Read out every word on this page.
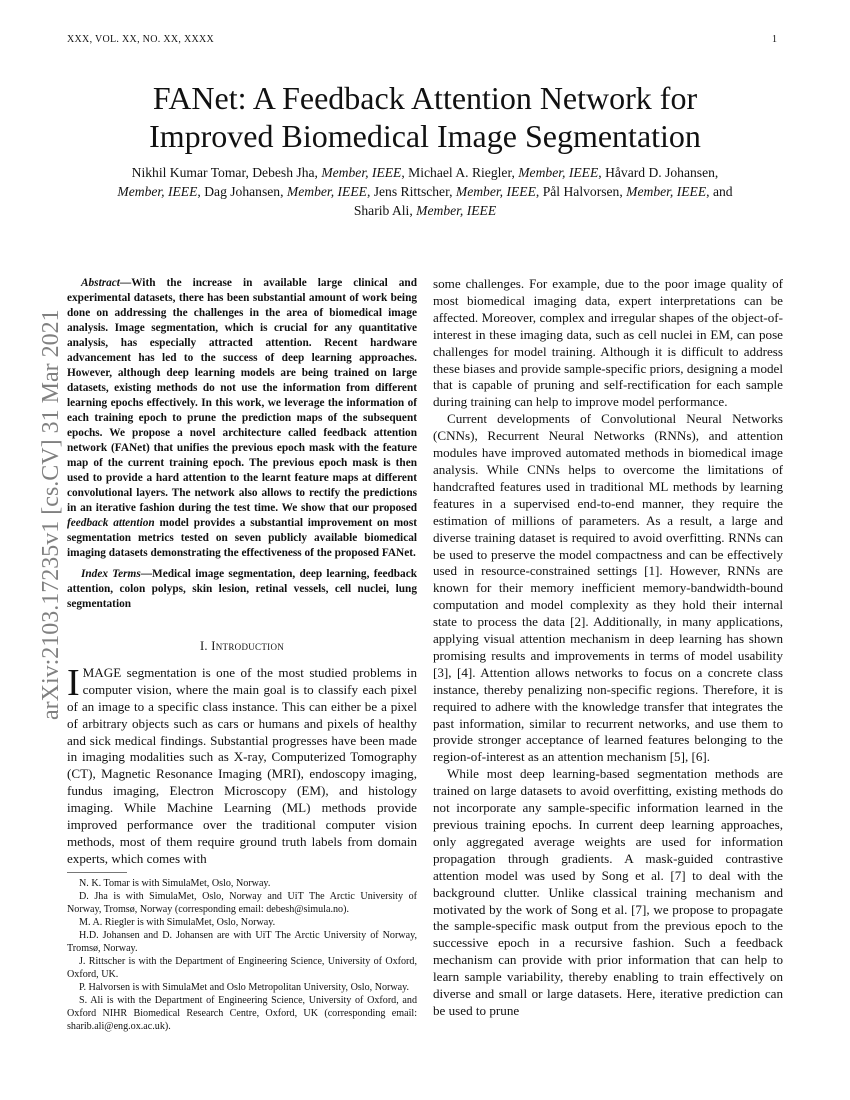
XXX, VOL. XX, NO. XX, XXXX	1
arXiv:2103.17235v1 [cs.CV] 31 Mar 2021
FANet: A Feedback Attention Network for
Improved Biomedical Image Segmentation
Nikhil Kumar Tomar, Debesh Jha, Member, IEEE, Michael A. Riegler, Member, IEEE, Håvard D. Johansen,
Member, IEEE, Dag Johansen, Member, IEEE, Jens Rittscher, Member, IEEE, Pål Halvorsen, Member, IEEE, and
Sharib Ali, Member, IEEE

Abstract—With the increase in available large clinical and experimental datasets, there has been substantial amount of work being done on addressing the challenges in the area of biomedical image analysis. Image segmentation, which is crucial for any quantitative analysis, has especially attracted attention. Recent hardware advancement has led to the success of deep learning approaches. However, although deep learning models are being trained on large datasets, existing methods do not use the information from different learning epochs effectively. In this work, we leverage the information of each training epoch to prune the prediction maps of the subsequent epochs. We propose a novel architecture called feedback attention network (FANet) that unifies the previous epoch mask with the feature map of the current training epoch. The previous epoch mask is then used to provide a hard attention to the learnt feature maps at different convolutional layers. The network also allows to rectify the predictions in an iterative fashion during the test time. We show that our proposed feedback attention model provides a substantial improvement on most segmentation metrics tested on seven publicly available biomedical imaging datasets demonstrating the effectiveness of the proposed FANet.

Index Terms—Medical image segmentation, deep learning, feedback attention, colon polyps, skin lesion, retinal vessels, cell nuclei, lung segmentation

I. Introduction

IMAGE segmentation is one of the most studied problems in computer vision, where the main goal is to classify each pixel of an image to a specific class instance. This can either be a pixel of arbitrary objects such as cars or humans and pixels of healthy and sick medical findings. Substantial progresses have been made in imaging modalities such as X-ray, Computerized Tomography (CT), Magnetic Resonance Imaging (MRI), endoscopy imaging, fundus imaging, Electron Microscopy (EM), and histology imaging. While Machine Learning (ML) methods provide improved performance over the traditional computer vision methods, most of them require ground truth labels from domain experts, which comes with

N. K. Tomar is with SimulaMet, Oslo, Norway.

D. Jha is with SimulaMet, Oslo, Norway and UiT The Arctic University of Norway, Tromsø, Norway (corresponding email: debesh@simula.no).

M. A. Riegler is with SimulaMet, Oslo, Norway.

H.D. Johansen and D. Johansen are with UiT The Arctic University of Norway, Tromsø, Norway.

J. Rittscher is with the Department of Engineering Science, University of Oxford, Oxford, UK.

P. Halvorsen is with SimulaMet and Oslo Metropolitan University, Oslo, Norway.

S. Ali is with the Department of Engineering Science, University of Oxford, and Oxford NIHR Biomedical Research Centre, Oxford, UK (corresponding email: sharib.ali@eng.ox.ac.uk).

some challenges. For example, due to the poor image quality of most biomedical imaging data, expert interpretations can be affected. Moreover, complex and irregular shapes of the object-of-interest in these imaging data, such as cell nuclei in EM, can pose challenges for model training. Although it is difficult to address these biases and provide sample-specific priors, designing a model that is capable of pruning and self-rectification for each sample during training can help to improve model performance.

Current developments of Convolutional Neural Networks (CNNs), Recurrent Neural Networks (RNNs), and attention modules have improved automated methods in biomedical image analysis. While CNNs helps to overcome the limitations of handcrafted features used in traditional ML methods by learning features in a supervised end-to-end manner, they require the estimation of millions of parameters. As a result, a large and diverse training dataset is required to avoid overfitting. RNNs can be used to preserve the model compactness and can be effectively used in resource-constrained settings [1]. However, RNNs are known for their memory inefficient memory-bandwidth-bound computation and model complexity as they hold their internal state to process the data [2]. Additionally, in many applications, applying visual attention mechanism in deep learning has shown promising results and improvements in terms of model usability [3], [4]. Attention allows networks to focus on a concrete class instance, thereby penalizing non-specific regions. Therefore, it is required to adhere with the knowledge transfer that integrates the past information, similar to recurrent networks, and use them to provide stronger acceptance of learned features belonging to the region-of-interest as an attention mechanism [5], [6].

While most deep learning-based segmentation methods are trained on large datasets to avoid overfitting, existing methods do not incorporate any sample-specific information learned in the previous training epochs. In current deep learning approaches, only aggregated average weights are used for information propagation through gradients. A mask-guided contrastive attention model was used by Song et al. [7] to deal with the background clutter. Unlike classical training mechanism and motivated by the work of Song et al. [7], we propose to propagate the sample-specific mask output from the previous epoch to the successive epoch in a recursive fashion. Such a feedback mechanism can provide with prior information that can help to learn sample variability, thereby enabling to train effectively on diverse and small or large datasets. Here, iterative prediction can be used to prune
